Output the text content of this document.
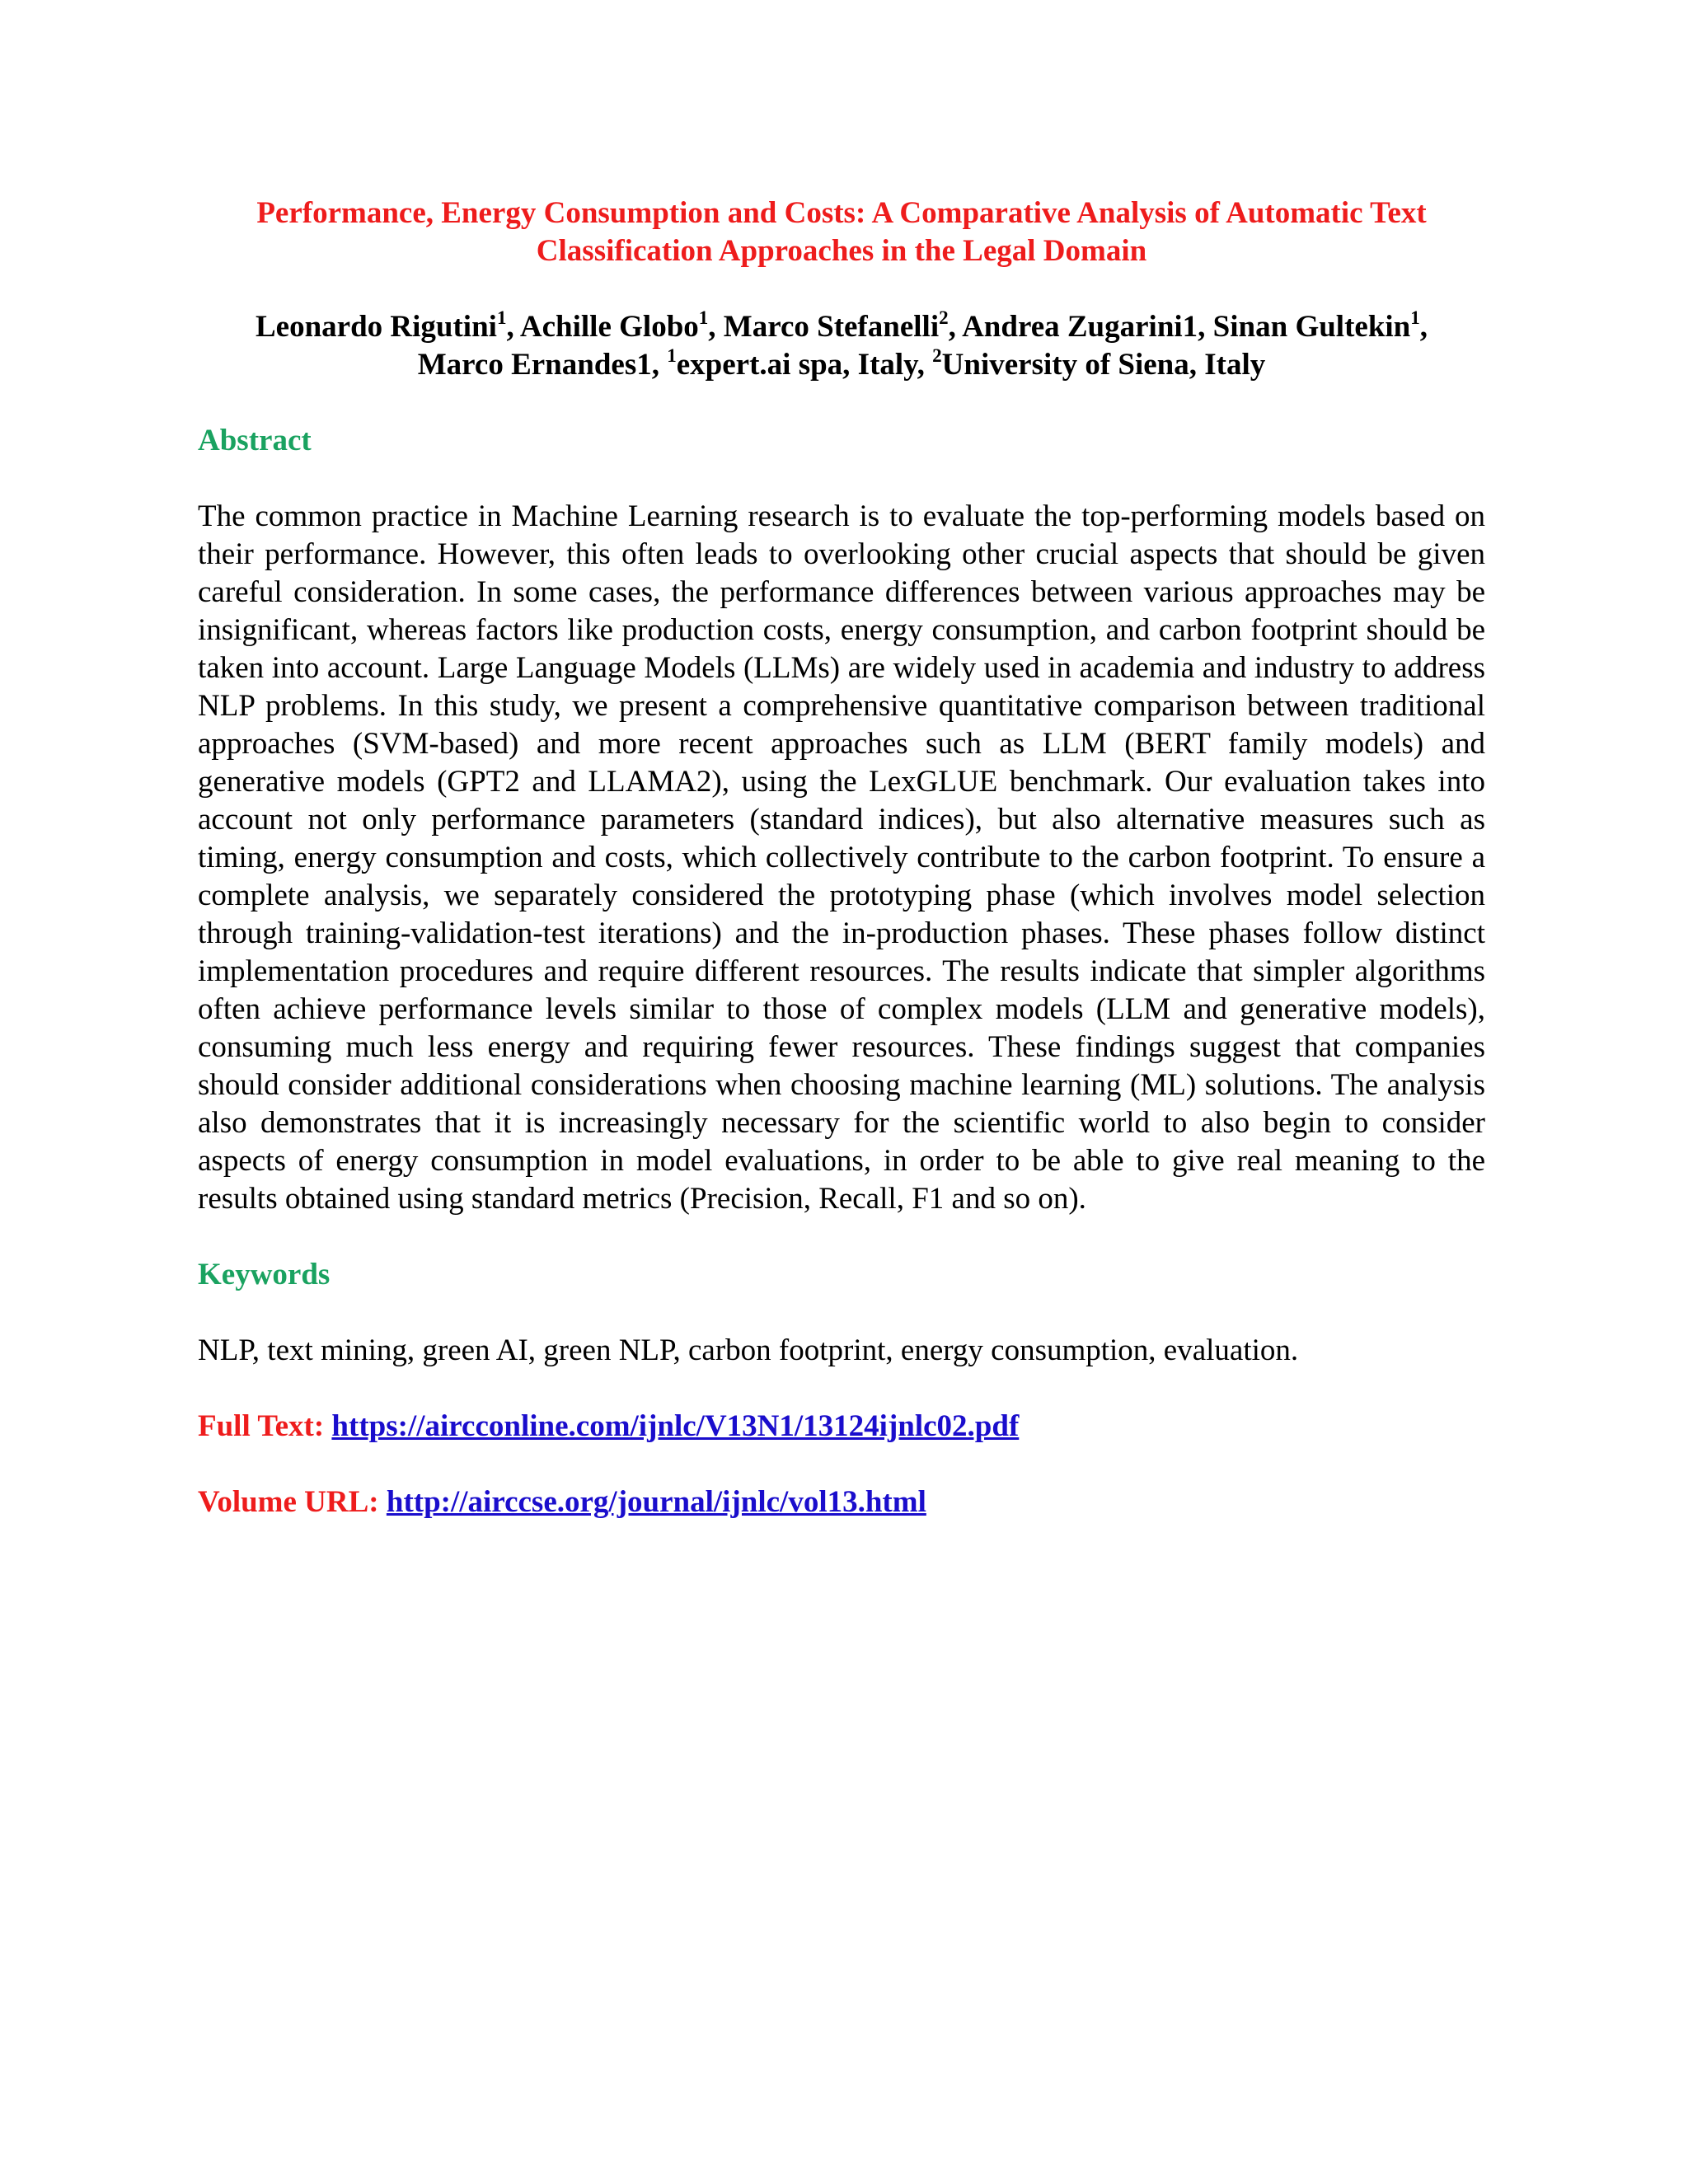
Performance, Energy Consumption and Costs: A Comparative Analysis of Automatic Text
Classification Approaches in the Legal Domain

Leonardo Rigutini$^1$, Achille Globo$^1$, Marco Stefanelli$^2$, Andrea Zugarini1, Sinan Gultekin$^1$,
Marco Ernandes1, $^1$expert.ai spa, Italy, $^2$University of Siena, Italy

Abstract

The common practice in Machine Learning research is to evaluate the top-performing models based on their performance. However, this often leads to overlooking other crucial aspects that should be given careful consideration. In some cases, the performance differences between various approaches may be insignificant, whereas factors like production costs, energy consumption, and carbon footprint should be taken into account. Large Language Models (LLMs) are widely used in academia and industry to address NLP problems. In this study, we present a comprehensive quantitative comparison between traditional approaches (SVM-based) and more recent approaches such as LLM (BERT family models) and generative models (GPT2 and LLAMA2), using the LexGLUE benchmark. Our evaluation takes into account not only performance parameters (standard indices), but also alternative measures such as timing, energy consumption and costs, which collectively contribute to the carbon footprint. To ensure a complete analysis, we separately considered the prototyping phase (which involves model selection through training-validation-test iterations) and the in-production phases. These phases follow distinct implementation procedures and require different resources. The results indicate that simpler algorithms often achieve performance levels similar to those of complex models (LLM and generative models), consuming much less energy and requiring fewer resources. These findings suggest that companies should consider additional considerations when choosing machine learning (ML) solutions. The analysis also demonstrates that it is increasingly necessary for the scientific world to also begin to consider aspects of energy consumption in model evaluations, in order to be able to give real meaning to the results obtained using standard metrics (Precision, Recall, F1 and so on).

Keywords

NLP, text mining, green AI, green NLP, carbon footprint, energy consumption, evaluation.

Full Text: https://aircconline.com/ijnlc/V13N1/13124ijnlc02.pdf

Volume URL: http://airccse.org/journal/ijnlc/vol13.html
